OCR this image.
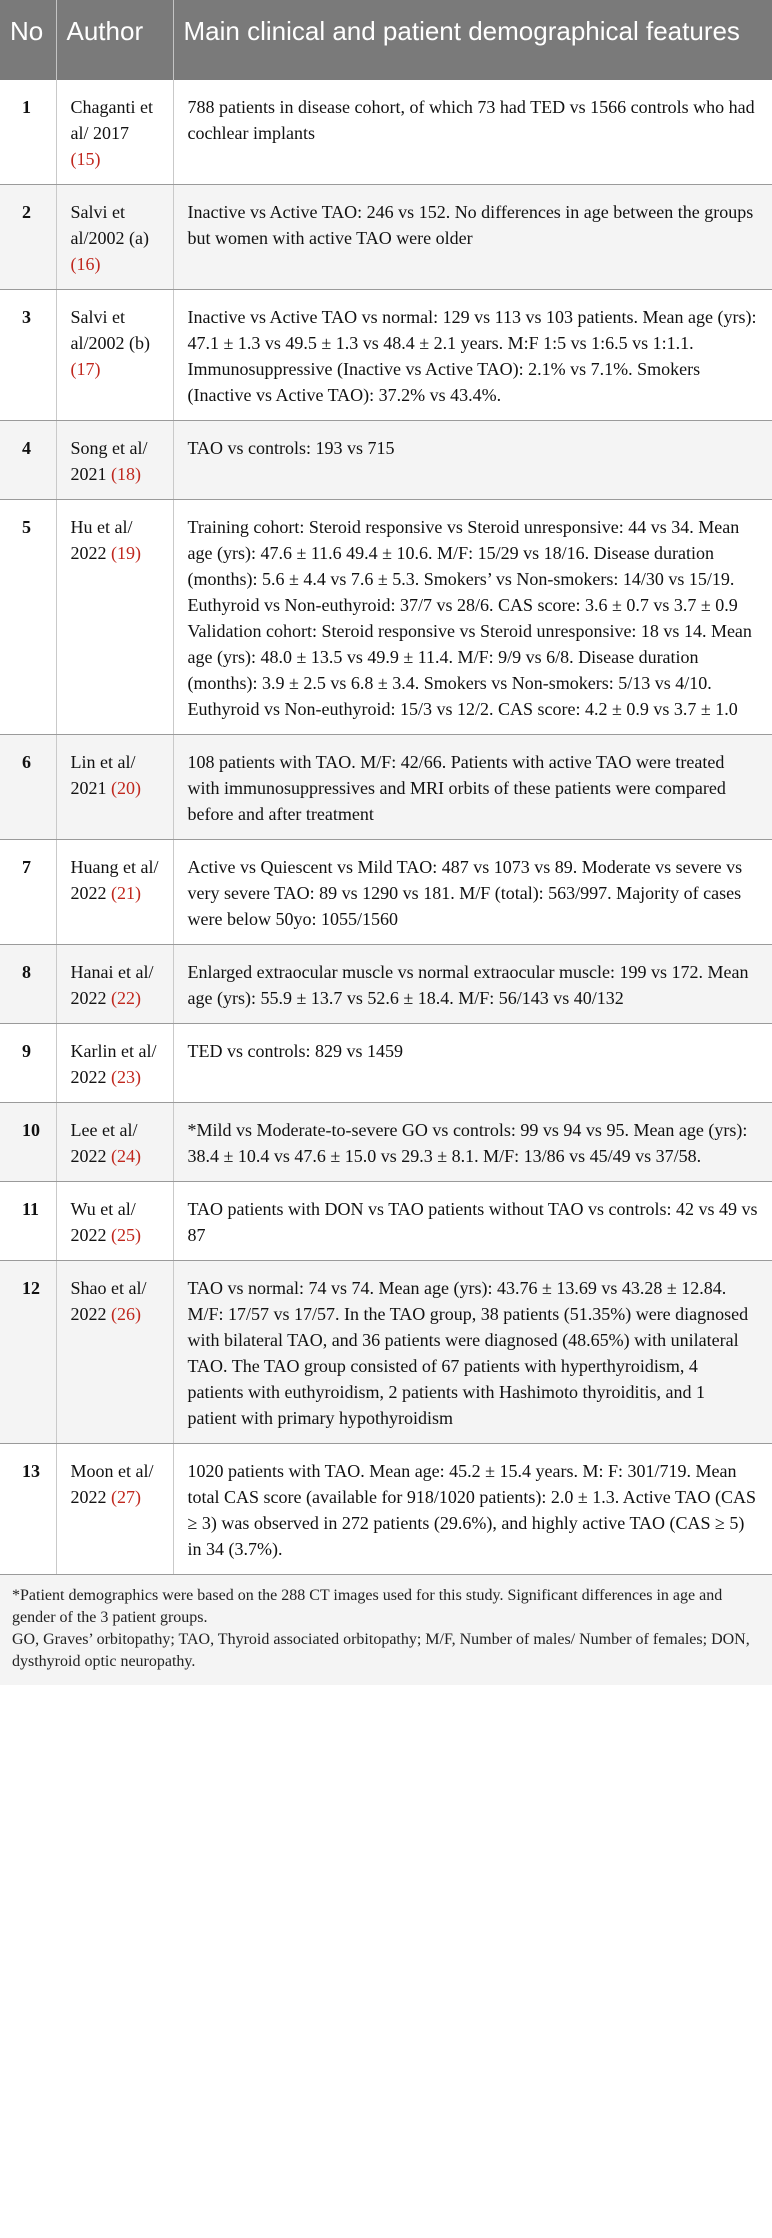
No	Author	Main clinical and patient demographical features
1	Chaganti et al/ 2017 (15)	788 patients in disease cohort, of which 73 had TED vs 1566 controls who had cochlear implants

2	Salvi et al/2002 (a) (16)	Inactive vs Active TAO: 246 vs 152. No differences in age between the groups but women with active TAO were older

3	Salvi et al/2002 (b) (17)	Inactive vs Active TAO vs normal: 129 vs 113 vs 103 patients. Mean age (yrs): 47.1 ± 1.3 vs 49.5 ± 1.3 vs 48.4 ± 2.1 years. M:F 1:5 vs 1:6.5 vs 1:1.1. Immunosuppressive (Inactive vs Active TAO): 2.1% vs 7.1%. Smokers (Inactive vs Active TAO): 37.2% vs 43.4%.

4	Song et al/ 2021 (18)	TAO vs controls: 193 vs 715

5	Hu et al/ 2022 (19)	Training cohort: Steroid responsive vs Steroid unresponsive: 44 vs 34. Mean age (yrs): 47.6 ± 11.6 49.4 ± 10.6. M/F: 15/29 vs 18/16. Disease duration (months): 5.6 ± 4.4 vs 7.6 ± 5.3. Smokers’ vs Non-smokers: 14/30 vs 15/19. Euthyroid vs Non-euthyroid: 37/7 vs 28/6. CAS score: 3.6 ± 0.7 vs 3.7 ± 0.9
Validation cohort: Steroid responsive vs Steroid unresponsive: 18 vs 14. Mean age (yrs): 48.0 ± 13.5 vs 49.9 ± 11.4. M/F: 9/9 vs 6/8. Disease duration (months): 3.9 ± 2.5 vs 6.8 ± 3.4. Smokers vs Non-smokers: 5/13 vs 4/10. Euthyroid vs Non-euthyroid: 15/3 vs 12/2. CAS score: 4.2 ± 0.9 vs 3.7 ± 1.0

6	Lin et al/ 2021 (20)	108 patients with TAO. M/F: 42/66. Patients with active TAO were treated with immunosuppressives and MRI orbits of these patients were compared before and after treatment

7	Huang et al/ 2022 (21)	Active vs Quiescent vs Mild TAO: 487 vs 1073 vs 89. Moderate vs severe vs very severe TAO: 89 vs 1290 vs 181. M/F (total): 563/997. Majority of cases were below 50yo: 1055/1560

8	Hanai et al/ 2022 (22)	Enlarged extraocular muscle vs normal extraocular muscle: 199 vs 172. Mean age (yrs): 55.9 ± 13.7 vs 52.6 ± 18.4. M/F: 56/143 vs 40/132

9	Karlin et al/ 2022 (23)	TED vs controls: 829 vs 1459

10	Lee et al/ 2022 (24)	*Mild vs Moderate-to-severe GO vs controls: 99 vs 94 vs 95. Mean age (yrs): 38.4 ± 10.4 vs 47.6 ± 15.0 vs 29.3 ± 8.1. M/F: 13/86 vs 45/49 vs 37/58.

11	Wu et al/ 2022 (25)	TAO patients with DON vs TAO patients without TAO vs controls: 42 vs 49 vs 87

12	Shao et al/ 2022 (26)	TAO vs normal: 74 vs 74. Mean age (yrs): 43.76 ± 13.69 vs 43.28 ± 12.84. M/F: 17/57 vs 17/57. In the TAO group, 38 patients (51.35%) were diagnosed with bilateral TAO, and 36 patients were diagnosed (48.65%) with unilateral TAO. The TAO group consisted of 67 patients with hyperthyroidism, 4 patients with euthyroidism, 2 patients with Hashimoto thyroiditis, and 1 patient with primary hypothyroidism

13	Moon et al/ 2022 (27)	1020 patients with TAO. Mean age: 45.2 ± 15.4 years. M: F: 301/719. Mean total CAS score (available for 918/1020 patients): 2.0 ± 1.3. Active TAO (CAS ≥ 3) was observed in 272 patients (29.6%), and highly active TAO (CAS ≥ 5) in 34 (3.7%).

*Patient demographics were based on the 288 CT images used for this study. Significant differences in age and gender of the 3 patient groups.

GO, Graves’ orbitopathy; TAO, Thyroid associated orbitopathy; M/F, Number of males/ Number of females; DON, dysthyroid optic neuropathy.
